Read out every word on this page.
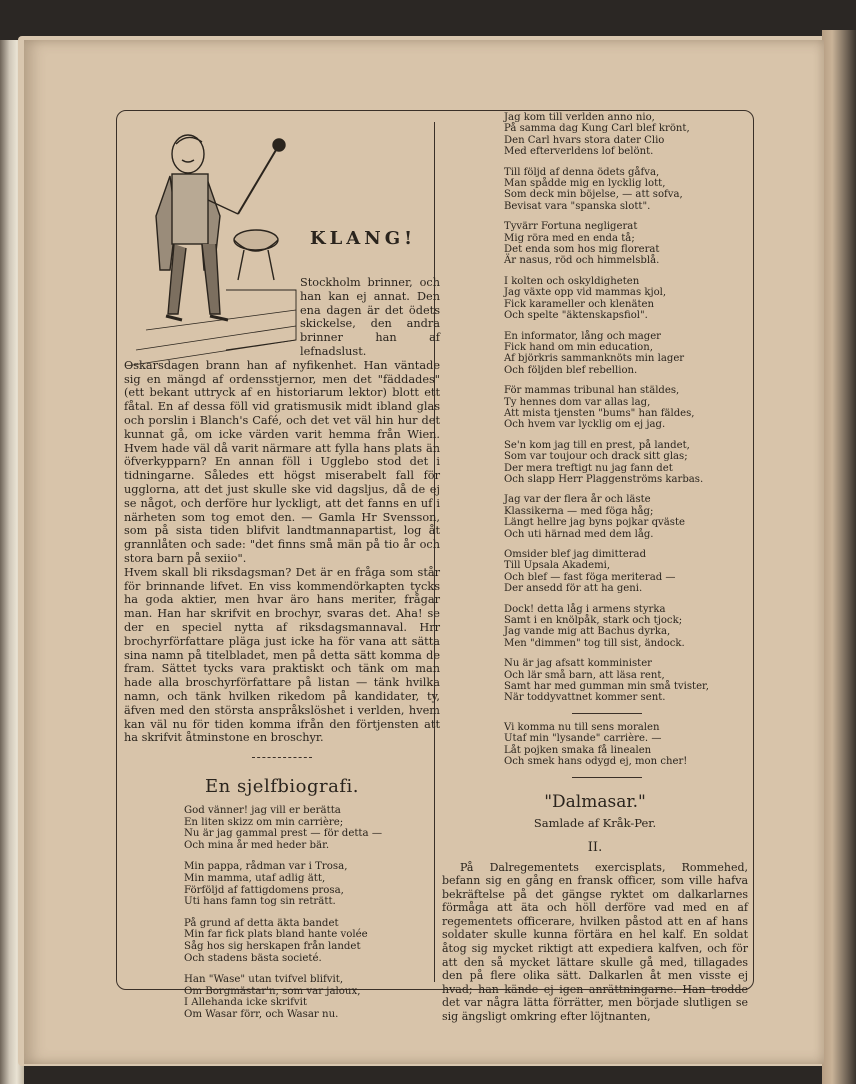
KLANG!

Stockholm brinner, och han kan ej annat. Den ena dagen är det ödets skickelse, den andra brinner han af lefnadslust. Oskarsdagen brann han af nyfikenhet. Han väntade sig en mängd af ordensstjernor, men det "fäddades" (ett bekant uttryck af en historiarum lektor) blott ett fåtal. En af dessa föll vid gratismusik midt ibland glas och porslin i Blanch's Café, och det vet väl hin hur det kunnat gå, om icke värden varit hemma från Wien. Hvem hade väl då varit närmare att fylla hans plats än öfverkypparn? En annan föll i Ugglebo stod det i tidningarne. Således ett högst miserabelt fall för ugglorna, att det just skulle ske vid dagsljus, då de ej se något, och derföre hur lyckligt, att det fanns en uf i närheten som tog emot den. — Gamla Hr Svensson, som på sista tiden blifvit landtmannapartist, log åt grannlåten och sade: "det finns små män på tio år och stora barn på sexiio".

Hvem skall bli riksdagsman? Det är en fråga som står för brinnande lifvet. En viss kommendörkapten tycks ha goda aktier, men hvar äro hans meriter, frågar man. Han har skrifvit en brochyr, svaras det. Aha! se der en speciel nytta af riksdagsmannaval. Hrr brochyrförfattare pläga just icke ha för vana att sätta sina namn på titelbladet, men på detta sätt komma de fram. Sättet tycks vara praktiskt och tänk om man hade alla broschyrförfattare på listan — tänk hvilka namn, och tänk hvilken rikedom på kandidater, ty, äfven med den största anspråkslöshet i verlden, hvem kan väl nu för tiden komma ifrån den förtjensten att ha skrifvit åtminstone en broschyr.

En sjelfbiografi.
God vänner! jag vill er berätta
En liten skizz om min carrière;
Nu är jag gammal prest — för detta —
Och mina år med heder bär.
Min pappa, rådman var i Trosa,
Min mamma, utaf adlig ätt,
Förföljd af fattigdomens prosa,
Uti hans famn tog sin reträtt.
På grund af detta äkta bandet
Min far fick plats bland hante volée
Såg hos sig herskapen från landet
Och stadens bästa societé.
Han "Wase" utan tvifvel blifvit,
Om Borgmästar'n, som var jaloux,
I Allehanda icke skrifvit
Om Wasar förr, och Wasar nu.
Jag kom till verlden anno nio,
På samma dag Kung Carl blef krönt,
Den Carl hvars stora dater Clio
Med efterverldens lof belönt.
Till följd af denna ödets gåfva,
Man spådde mig en lycklig lott,
Som deck min böjelse, — att sofva,
Bevisat vara "spanska slott".
Tyvärr Fortuna negligerat
Mig röra med en enda tå;
Det enda som hos mig florerat
Är nasus, röd och himmelsblå.
I kolten och oskyldigheten
Jag växte opp vid mammas kjol,
Fick karameller och klenäten
Och spelte "äktenskapsfiol".
En informator, lång och mager
Fick hand om min education,
Af björkris sammanknöts min lager
Och följden blef rebellion.
För mammas tribunal han stäldes,
Ty hennes dom var allas lag,
Att mista tjensten "bums" han fäldes,
Och hvem var lycklig om ej jag.
Se'n kom jag till en prest, på landet,
Som var toujour och drack sitt glas;
Der mera treftigt nu jag fann det
Och slapp Herr Plaggenströms karbas.
Jag var der flera år och läste
Klassikerna — med föga håg;
Längt hellre jag byns pojkar qväste
Och uti härnad med dem låg.
Omsider blef jag dimitterad
Till Upsala Akademi,
Och blef — fast föga meriterad —
Der ansedd för att ha geni.
Dock! detta låg i armens styrka
Samt i en knölpåk, stark och tjock;
Jag vande mig att Bachus dyrka,
Men "dimmen" tog till sist, ändock.
Nu är jag afsatt komminister
Och lär små barn, att läsa rent,
Samt har med gumman min små tvister,
När toddyvattnet kommer sent.
Vi komma nu till sens moralen
Utaf min "lysande" carrière. —
Låt pojken smaka få linealen
Och smek hans odygd ej, mon cher!
"Dalmasar."
Samlade af Kråk-Per.
II.

På Dalregementets exercisplats, Rommehed, befann sig en gång en fransk officer, som ville hafva bekräftelse på det gängse ryktet om dalkarlarnes förmåga att äta och höll derföre vad med en af regementets officerare, hvilken påstod att en af hans soldater skulle kunna förtära en hel kalf. En soldat åtog sig mycket riktigt att expediera kalfven, och för att den så mycket lättare skulle gå med, tillagades den på flere olika sätt. Dalkarlen åt men visste ej hvad; han kände ej igen anrättningarne. Han trodde det var några lätta förrätter, men började slutligen se sig ängsligt omkring efter löjtnanten,
